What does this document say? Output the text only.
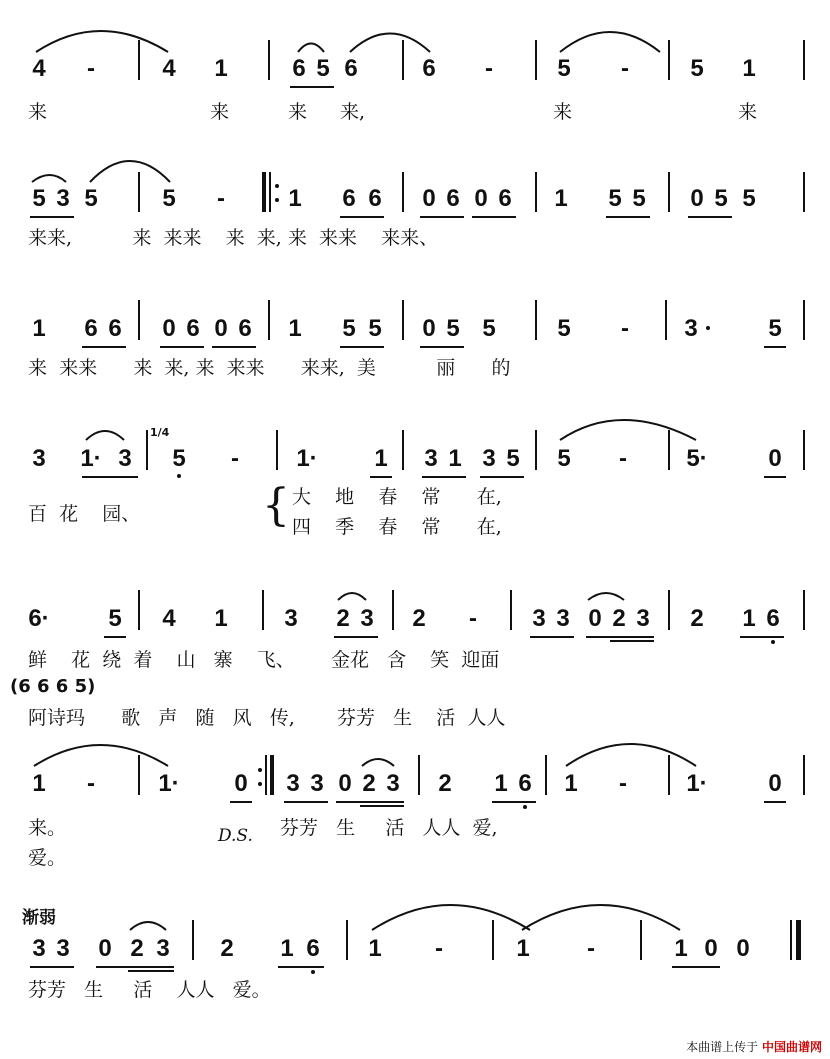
4 -	4 1	6 5 6	6 -	5 -	5 1
来	来	来 来,	来	来
5 3 5	5 -	1 6 6 0 6 0 6 1 5 5 0 5 5
来来,          来  来来    来  来, 来  来来    来来、
1 6 6 0 6 0 6 1 5 5 0 5 5	5 - 3	5
来  来来      来  来, 来  来来      来来,  美          丽      的
3 1· 3
1/4
5 - 1· 1 3 1 3 5 5 - 5·	0
百  花    园、	{ 大    地    春    常      在,
四    季    春    常      在,
6· 5 4 1 3 2 3 2 - 3 3 0 2 3 2 1 6
鲜    花  绕  着    山   寨    飞、      金花   含    笑  迎面
(6 6 6 5)
阿诗玛      歌   声   随   风   传,       芬芳   生    活  人人
1 -	1· 0 3 3 0 2 3 2 1 6 1 - 1·	0
来。	D.S. 芬芳   生     活   人人  爱,
爱。
渐弱
3 3 0 2 3 2 1 6 1 -	1 -	1 0 0
芬芳   生     活    人人   爱。
本曲谱上传于 中国曲谱网
